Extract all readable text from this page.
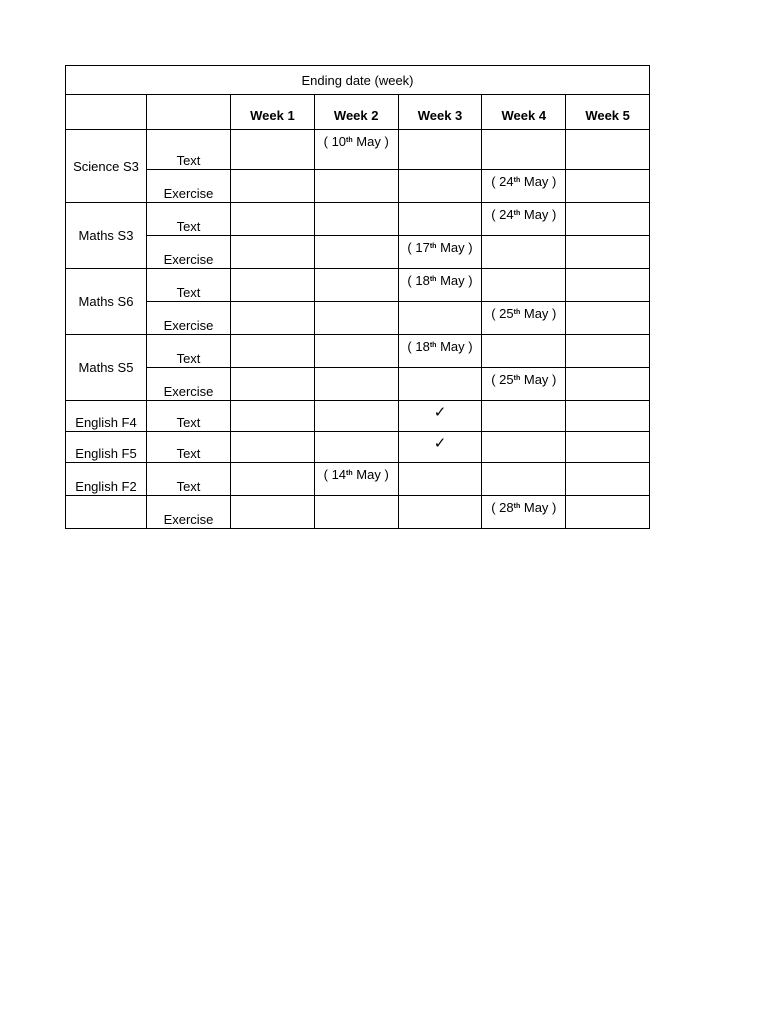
Ending date (week)						
		Week 1	Week 2	Week 3	Week 4	Week 5
Science S3	Text		( 10th May )			
	Exercise				( 24th May )	
Maths S3	Text				( 24th May )	
	Exercise			( 17th May )		
Maths S6	Text			( 18th May )		
	Exercise				( 25th May )	
Maths S5	Text			( 18th May )		
	Exercise				( 25th May )	
English F4	Text			✓		
English F5	Text			✓		
English F2	Text		( 14th May )			
	Exercise				( 28th May )	
